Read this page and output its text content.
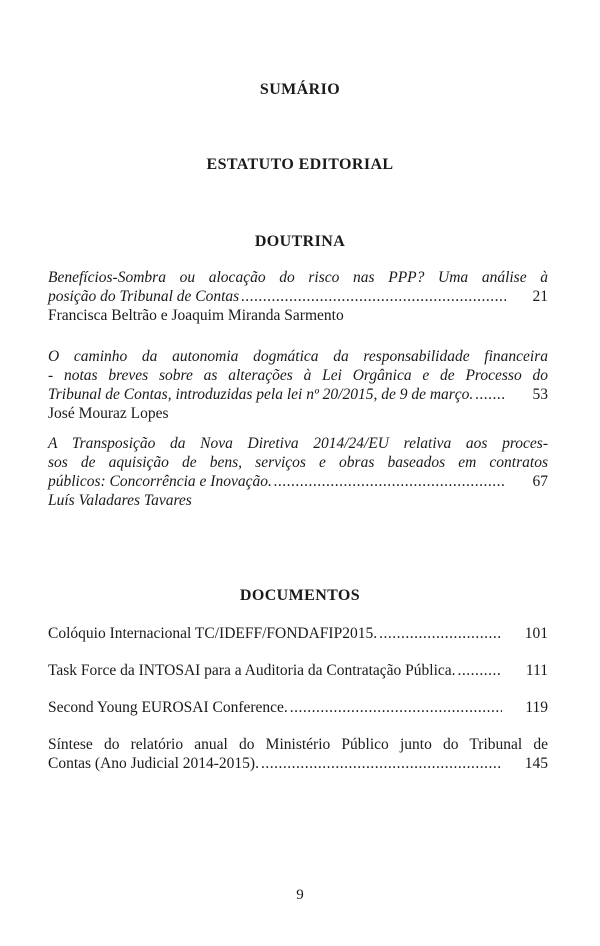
SUMÁRIO
ESTATUTO EDITORIAL
DOUTRINA
Benefícios-Sombra ou alocação do risco nas PPP? Uma análise à
posição do Tribunal de Contas .....	21
Francisca Beltrão e Joaquim Miranda Sarmento
O caminho da autonomia dogmática da responsabilidade financeira
- notas breves sobre as alterações à Lei Orgânica e de Processo do
Tribunal de Contas, introduzidas pela lei nº 20/2015, de 9 de março. .....	53
José Mouraz Lopes
A Transposição da Nova Diretiva 2014/24/EU relativa aos proces-
sos de aquisição de bens, serviços e obras baseados em contratos
públicos: Concorrência e Inovação. .....	67
Luís Valadares Tavares
DOCUMENTOS
Colóquio Internacional TC/IDEFF/FONDAFIP2015. .....	101
Task Force da INTOSAI para a Auditoria da Contratação Pública. .....	111
Second Young EUROSAI Conference. .....	119
Síntese do relatório anual do Ministério Público junto do Tribunal de
Contas (Ano Judicial 2014-2015). .....	145
9
